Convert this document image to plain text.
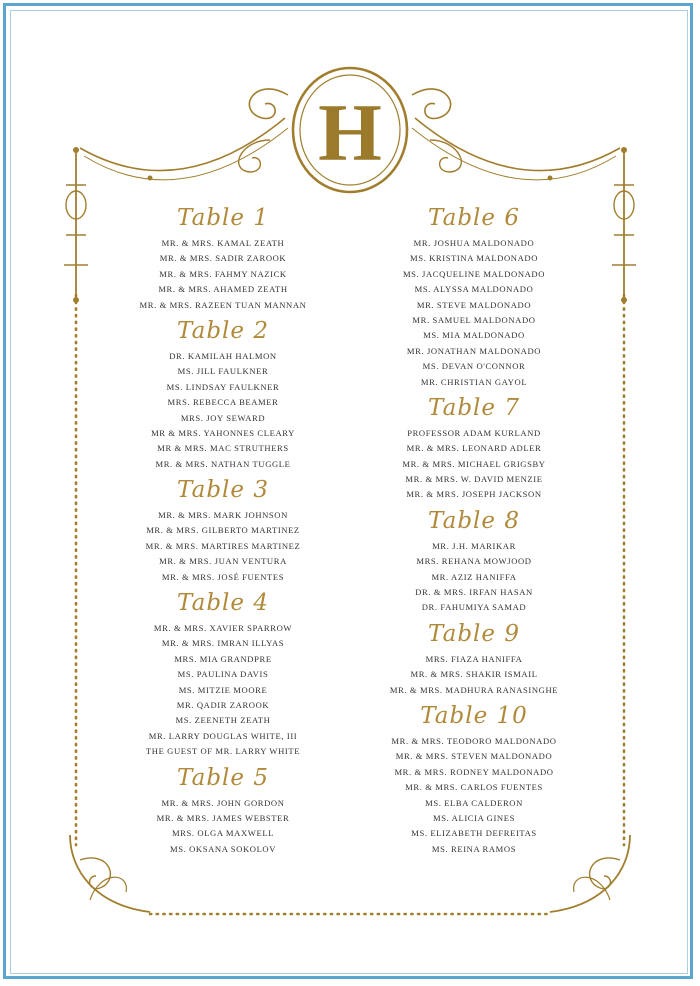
H
Table 1
MR. & MRS. KAMAL ZEATH
MR. & MRS. SADIR ZAROOK
MR. & MRS. FAHMY NAZICK
MR. & MRS. AHAMED ZEATH
MR. & MRS. RAZEEN TUAN MANNAN
Table 2
DR. KAMILAH HALMON
MS. JILL FAULKNER
MS. LINDSAY FAULKNER
MRS. REBECCA BEAMER
MRS. JOY SEWARD
MR & MRS. YAHONNES CLEARY
MR & MRS. MAC STRUTHERS
MR. & MRS. NATHAN TUGGLE
Table 3
MR. & MRS. MARK JOHNSON
MR. & MRS. GILBERTO MARTINEZ
MR. & MRS. MARTIRES MARTINEZ
MR. & MRS. JUAN VENTURA
MR. & MRS. JOSÉ FUENTES
Table 4
MR. & MRS. XAVIER SPARROW
MR. & MRS. IMRAN ILLYAS
MRS. MIA GRANDPRE
MS. PAULINA DAVIS
MS. MITZIE MOORE
MR. QADIR ZAROOK
MS. ZEENETH ZEATH
MR. LARRY DOUGLAS WHITE, III
THE GUEST OF MR. LARRY WHITE
Table 5
MR. & MRS. JOHN GORDON
MR. & MRS. JAMES WEBSTER
MRS. OLGA MAXWELL
MS. OKSANA SOKOLOV
Table 6
MR. JOSHUA MALDONADO
MS. KRISTINA MALDONADO
MS. JACQUELINE MALDONADO
MS. ALYSSA MALDONADO
MR. STEVE MALDONADO
MR. SAMUEL MALDONADO
MS. MIA MALDONADO
MR. JONATHAN MALDONADO
MS. DEVAN O'CONNOR
MR. CHRISTIAN GAYOL
Table 7
PROFESSOR ADAM KURLAND
MR. & MRS. LEONARD ADLER
MR. & MRS. MICHAEL GRIGSBY
MR. & MRS. W. DAVID MENZIE
MR. & MRS. JOSEPH JACKSON
Table 8
MR. J.H. MARIKAR
MRS. REHANA MOWJOOD
MR. AZIZ HANIFFA
DR. & MRS. IRFAN HASAN
DR. FAHUMIYA SAMAD
Table 9
MRS. FIAZA HANIFFA
MR. & MRS. SHAKIR ISMAIL
MR. & MRS. MADHURA RANASINGHE
Table 10
MR. & MRS. TEODORO MALDONADO
MR. & MRS. STEVEN MALDONADO
MR. & MRS. RODNEY MALDONADO
MR. & MRS. CARLOS FUENTES
MS. ELBA CALDERON
MS. ALICIA GINES
MS. ELIZABETH DEFREITAS
MS. REINA RAMOS
